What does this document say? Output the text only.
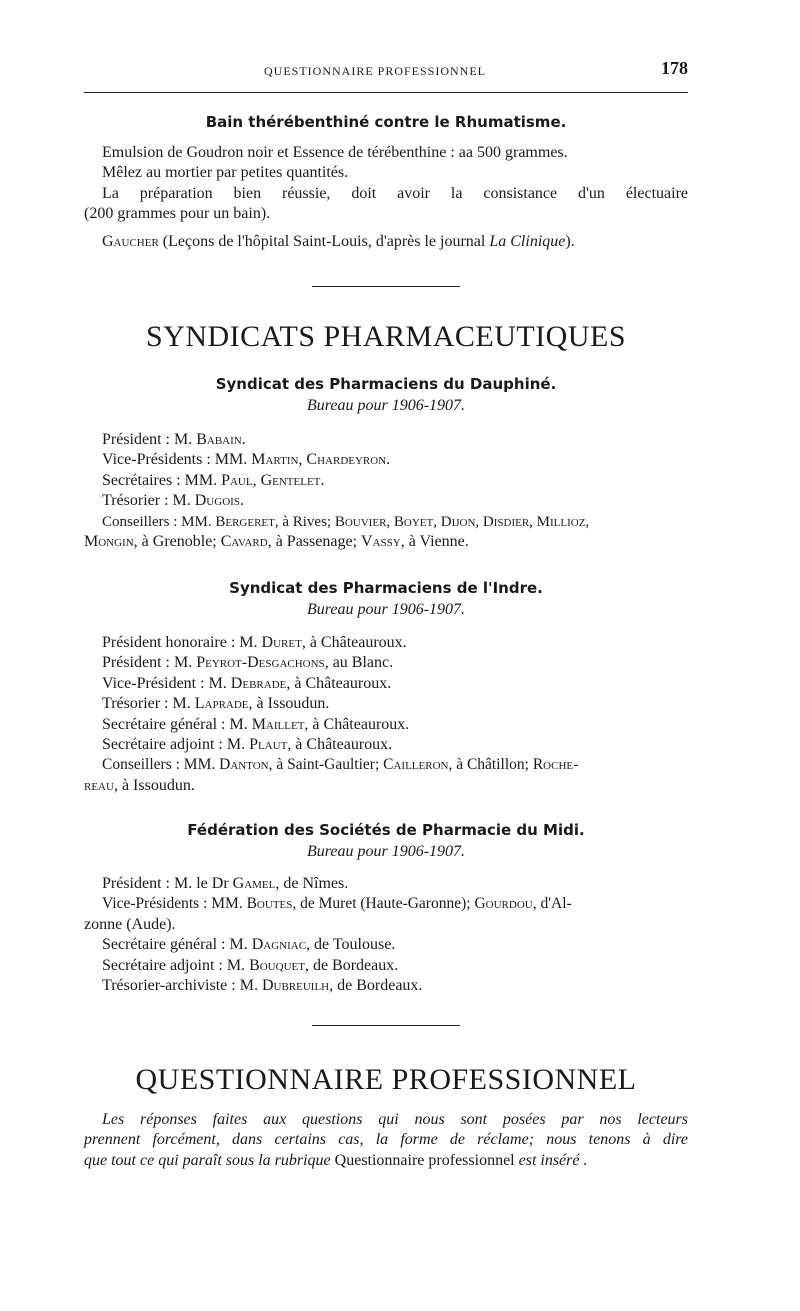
QUESTIONNAIRE PROFESSIONNEL	178
Bain thérébenthiné contre le Rhumatisme.
Emulsion de Goudron noir et Essence de térébenthine : aa 500 grammes.
Mêlez au mortier par petites quantités.
La préparation bien réussie, doit avoir la consistance d'un électuaire
(200 grammes pour un bain).
Gaucher (Leçons de l'hôpital Saint-Louis, d'après le journal La Clinique).
SYNDICATS PHARMACEUTIQUES
Syndicat des Pharmaciens du Dauphiné.
Bureau pour 1906-1907.
Président : M. Babain.
Vice-Présidents : MM. Martin, Chardeyron.
Secrétaires : MM. Paul, Gentelet.
Trésorier : M. Dugois.
Conseillers : MM. Bergeret, à Rives; Bouvier, Boyet, Dijon, Disdier, Millioz,
Mongin, à Grenoble; Cavard, à Passenage; Vassy, à Vienne.
Syndicat des Pharmaciens de l'Indre.
Bureau pour 1906-1907.
Président honoraire : M. Duret, à Châteauroux.
Président : M. Peyrot-Desgachons, au Blanc.
Vice-Président : M. Debrade, à Châteauroux.
Trésorier : M. Laprade, à Issoudun.
Secrétaire général : M. Maillet, à Châteauroux.
Secrétaire adjoint : M. Plaut, à Châteauroux.
Conseillers : MM. Danton, à Saint-Gaultier; Cailleron, à Châtillon; Roche-
reau, à Issoudun.
Fédération des Sociétés de Pharmacie du Midi.
Bureau pour 1906-1907.
Président : M. le Dr Gamel, de Nîmes.
Vice-Présidents : MM. Boutes, de Muret (Haute-Garonne); Gourdou, d'Al-
zonne (Aude).
Secrétaire général : M. Dagniac, de Toulouse.
Secrétaire adjoint : M. Bouquet, de Bordeaux.
Trésorier-archiviste : M. Dubreuilh, de Bordeaux.
QUESTIONNAIRE PROFESSIONNEL
Les réponses faites aux questions qui nous sont posées par nos lecteurs
prennent forcément, dans certains cas, la forme de réclame; nous tenons à dire
que tout ce qui paraît sous la rubrique Questionnaire professionnel est inséré .
